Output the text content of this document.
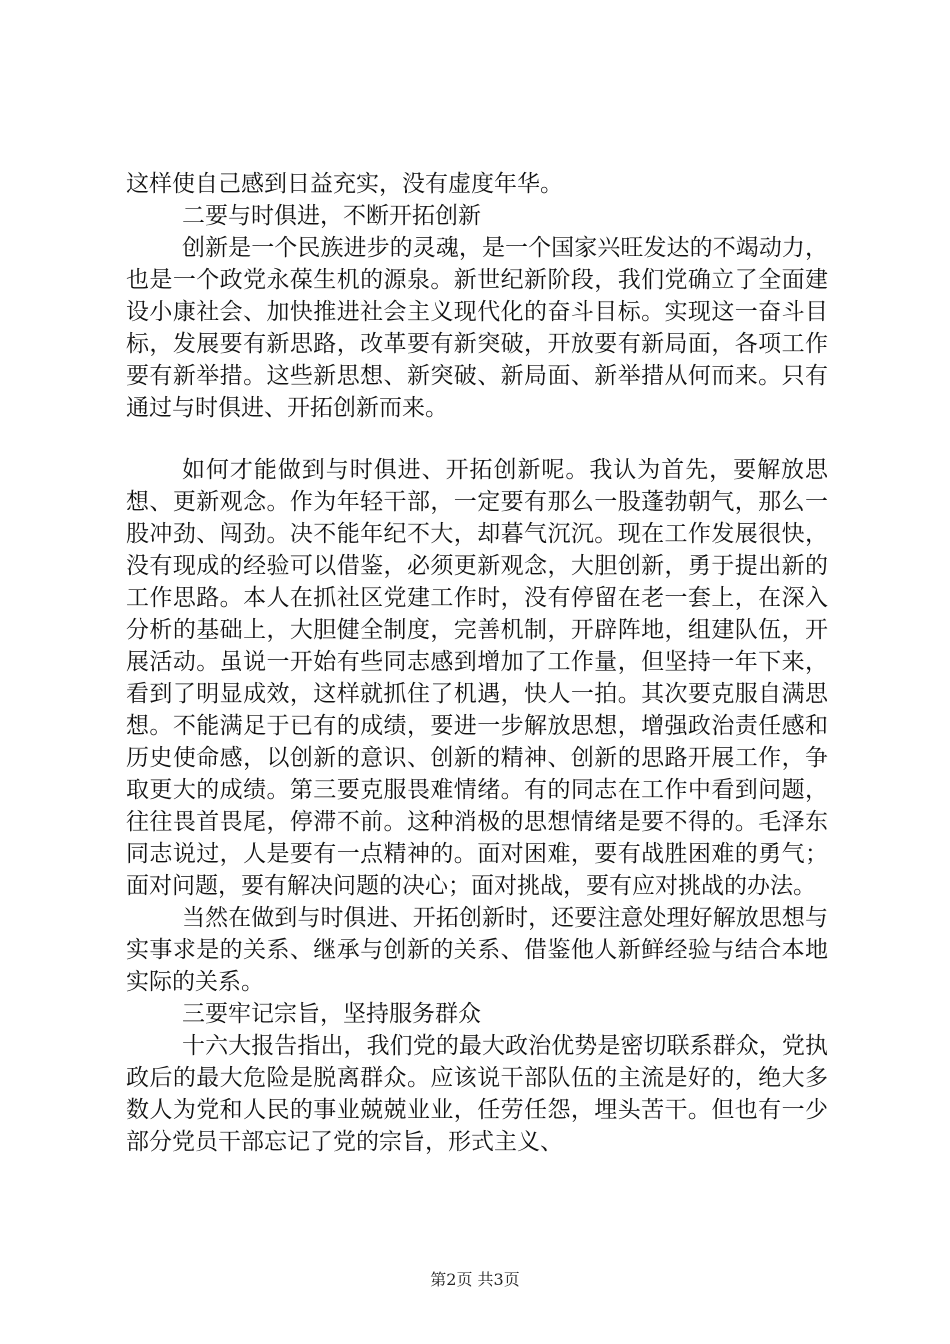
这样使自己感到日益充实，没有虚度年华。

二要与时俱进，不断开拓创新

创新是一个民族进步的灵魂，是一个国家兴旺发达的不竭动力，也是一个政党永葆生机的源泉。新世纪新阶段，我们党确立了全面建设小康社会、加快推进社会主义现代化的奋斗目标。实现这一奋斗目标，发展要有新思路，改革要有新突破，开放要有新局面，各项工作要有新举措。这些新思想、新突破、新局面、新举措从何而来。只有通过与时俱进、开拓创新而来。

如何才能做到与时俱进、开拓创新呢。我认为首先，要解放思想、更新观念。作为年轻干部，一定要有那么一股蓬勃朝气，那么一股冲劲、闯劲。决不能年纪不大，却暮气沉沉。现在工作发展很快，没有现成的经验可以借鉴，必须更新观念，大胆创新，勇于提出新的工作思路。本人在抓社区党建工作时，没有停留在老一套上，在深入分析的基础上，大胆健全制度，完善机制，开辟阵地，组建队伍，开展活动。虽说一开始有些同志感到增加了工作量，但坚持一年下来，看到了明显成效，这样就抓住了机遇，快人一拍。其次要克服自满思想。不能满足于已有的成绩，要进一步解放思想，增强政治责任感和历史使命感，以创新的意识、创新的精神、创新的思路开展工作，争取更大的成绩。第三要克服畏难情绪。有的同志在工作中看到问题，往往畏首畏尾，停滞不前。这种消极的思想情绪是要不得的。毛泽东同志说过，人是要有一点精神的。面对困难，要有战胜困难的勇气；面对问题，要有解决问题的决心；面对挑战，要有应对挑战的办法。

当然在做到与时俱进、开拓创新时，还要注意处理好解放思想与实事求是的关系、继承与创新的关系、借鉴他人新鲜经验与结合本地实际的关系。

三要牢记宗旨，坚持服务群众

十六大报告指出，我们党的最大政治优势是密切联系群众，党执政后的最大危险是脱离群众。应该说干部队伍的主流是好的，绝大多数人为党和人民的事业兢兢业业，任劳任怨，埋头苦干。但也有一少部分党员干部忘记了党的宗旨，形式主义、

第2页 共3页
